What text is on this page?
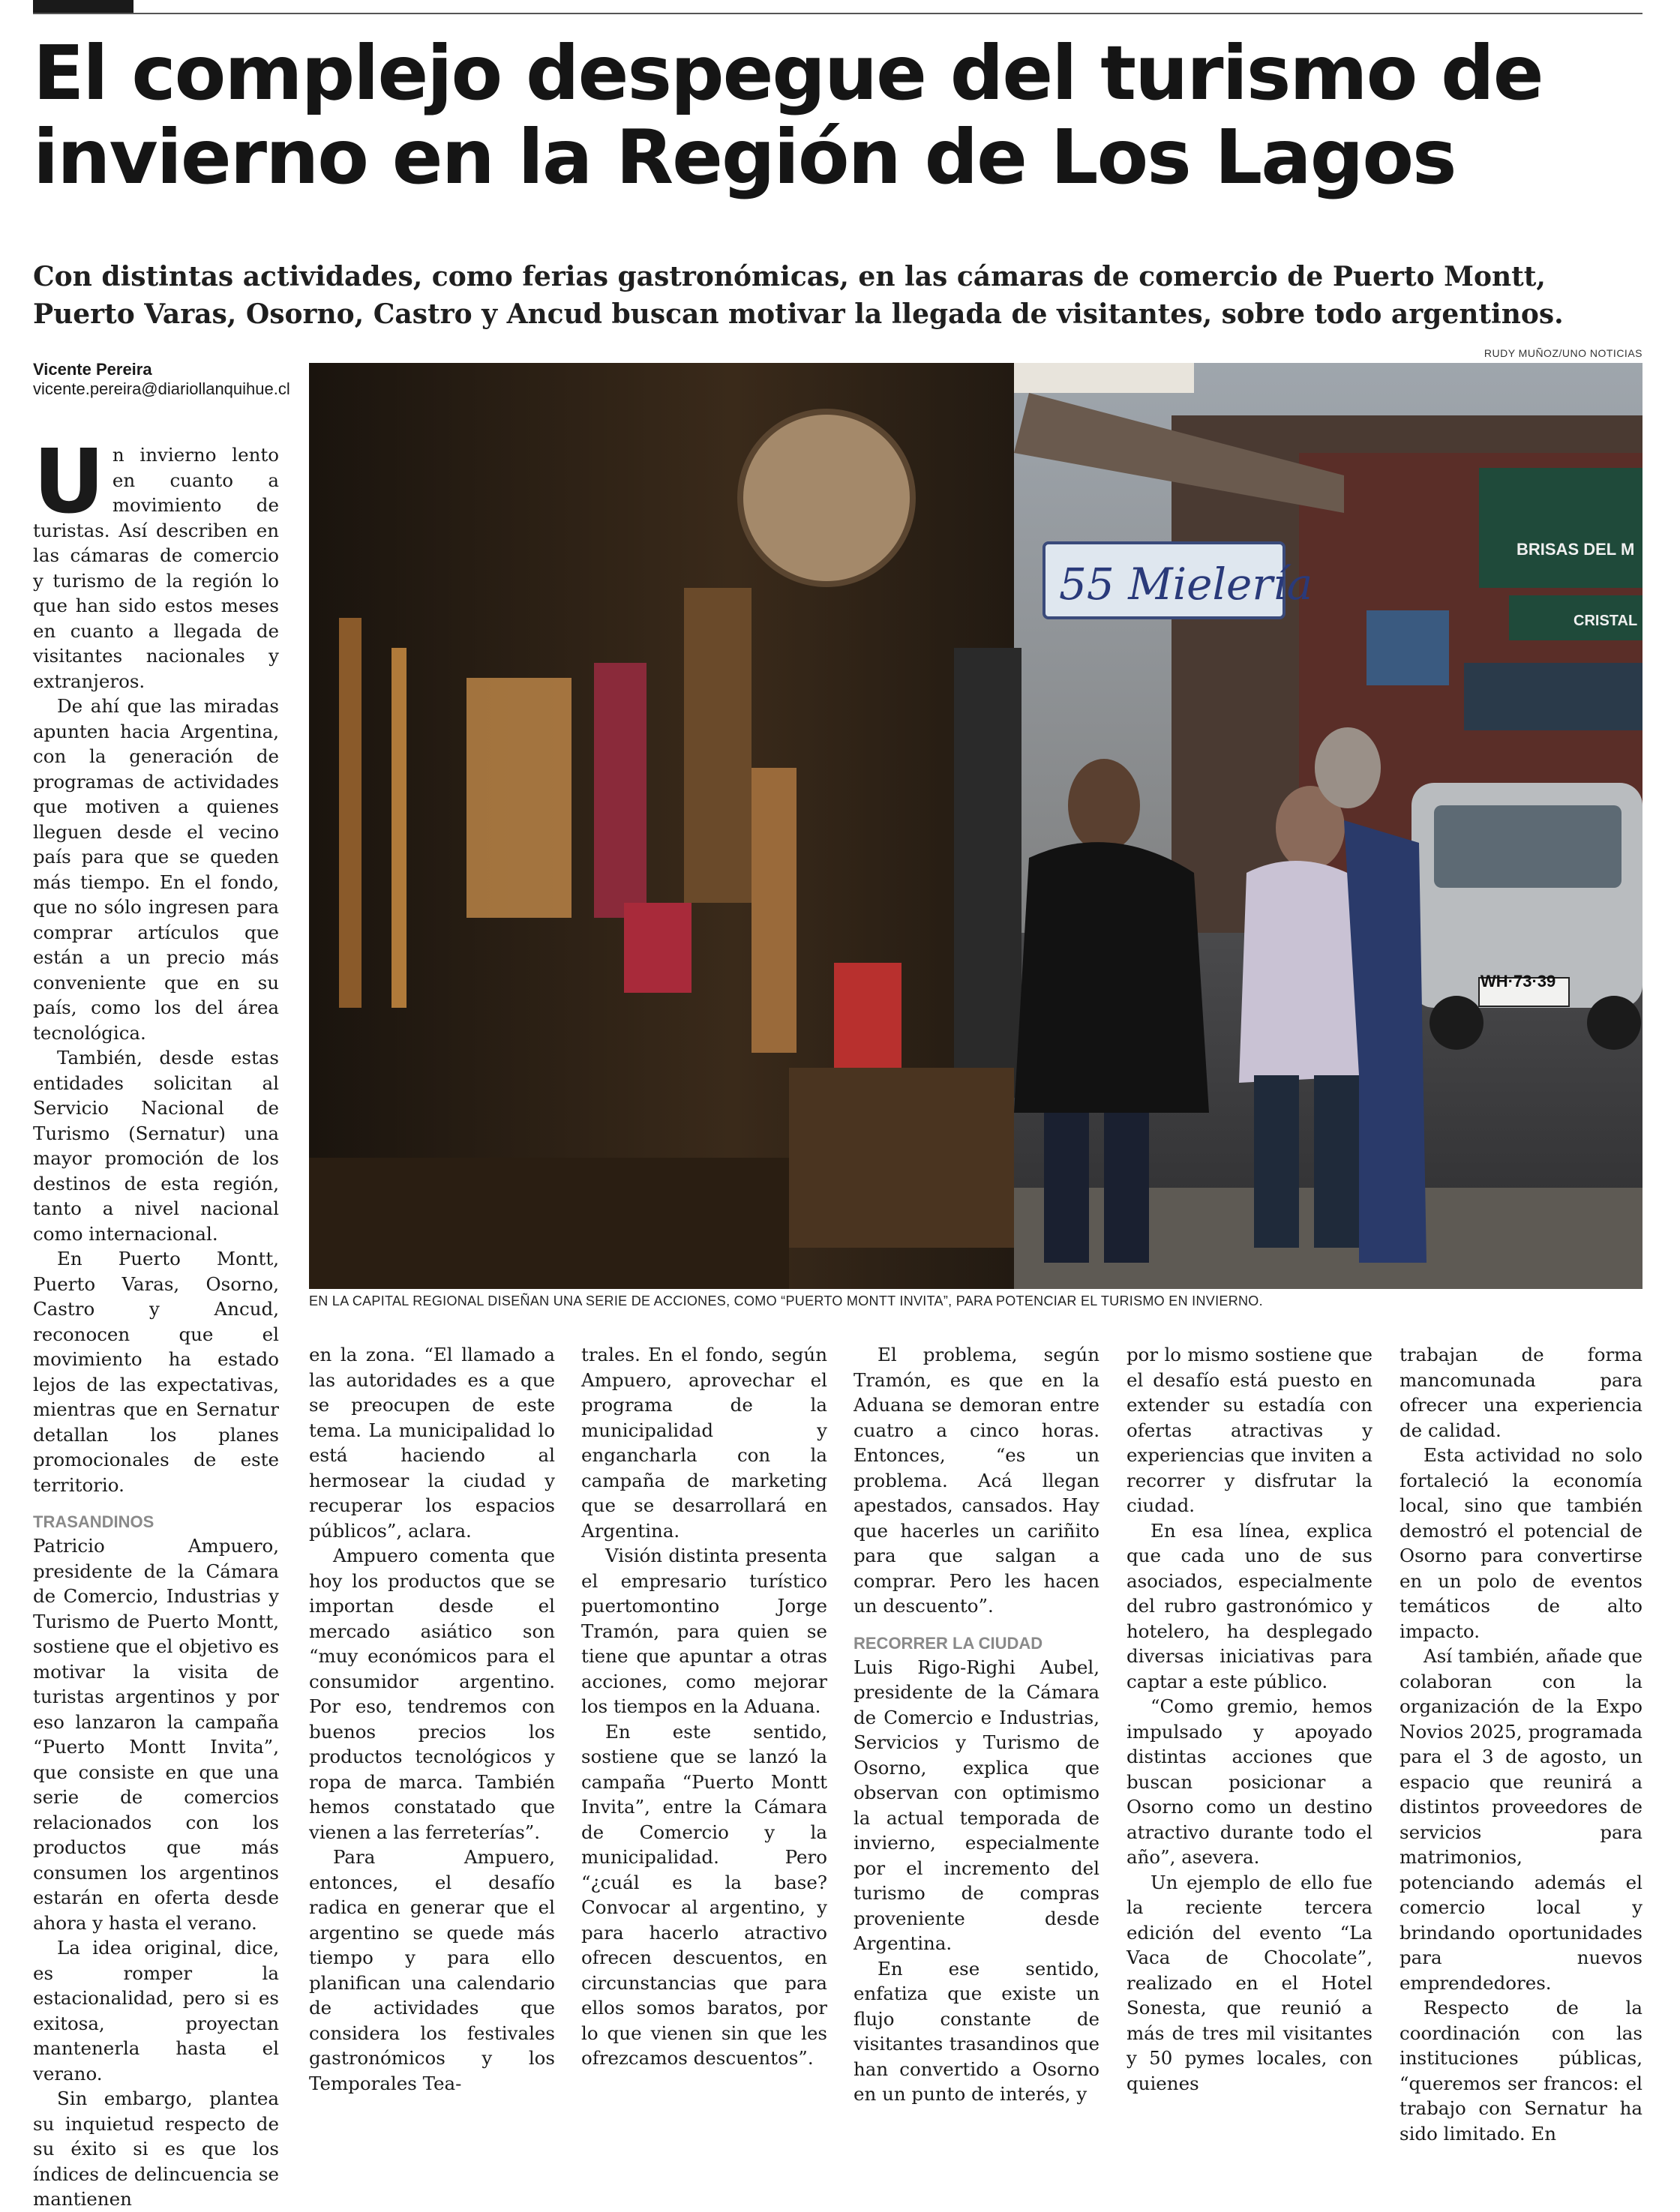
El complejo despegue del turismo de invierno en la Región de Los Lagos
Con distintas actividades, como ferias gastronómicas, en las cámaras de comercio de Puerto Montt, Puerto Varas, Osorno, Castro y Ancud buscan motivar la llegada de visitantes, sobre todo argentinos.
Vicente Pereira
vicente.pereira@diariollanquihue.cl
RUDY MUÑOZ/UNO NOTICIAS
55 Mielería
WH·73·39
BRISAS DEL M
CRISTAL
EN LA CAPITAL REGIONAL DISEÑAN UNA SERIE DE ACCIONES, COMO “PUERTO MONTT INVITA”, PARA POTENCIAR EL TURISMO EN INVIERNO.

Un invierno lento en cuanto a movimiento de turistas. Así describen en las cámaras de comercio y turismo de la región lo que han sido estos meses en cuanto a llegada de visitantes nacionales y extranjeros.

De ahí que las miradas apunten hacia Argentina, con la generación de programas de actividades que motiven a quienes lleguen desde el vecino país para que se queden más tiempo. En el fondo, que no sólo ingresen para comprar artículos que están a un precio más conveniente que en su país, como los del área tecnológica.

También, desde estas entidades solicitan al Servicio Nacional de Turismo (Sernatur) una mayor promoción de los destinos de esta región, tanto a nivel nacional como internacional.

En Puerto Montt, Puerto Varas, Osorno, Castro y Ancud, reconocen que el movimiento ha estado lejos de las expectativas, mientras que en Sernatur detallan los planes promocionales de este territorio.

TRASANDINOS

Patricio Ampuero, presidente de la Cámara de Comercio, Industrias y Turismo de Puerto Montt, sostiene que el objetivo es motivar la visita de turistas argentinos y por eso lanzaron la campaña “Puerto Montt Invita”, que consiste en que una serie de comercios relacionados con los productos que más consumen los argentinos estarán en oferta desde ahora y hasta el verano.

La idea original, dice, es romper la estacionalidad, pero si es exitosa, proyectan mantenerla hasta el verano.

Sin embargo, plantea su inquietud respecto de su éxito si es que los índices de delincuencia se mantienen

en la zona. “El llamado a las autoridades es a que se preocupen de este tema. La municipalidad lo está haciendo al hermosear la ciudad y recuperar los espacios públicos”, aclara.

Ampuero comenta que hoy los productos que se importan desde el mercado asiático son “muy económicos para el consumidor argentino. Por eso, tendremos con buenos precios los productos tecnológicos y ropa de marca. También hemos constatado que vienen a las ferreterías”.

Para Ampuero, entonces, el desafío radica en generar que el argentino se quede más tiempo y para ello planifican una calendario de actividades que considera los festivales gastronómicos y los Temporales Tea-

trales. En el fondo, según Ampuero, aprovechar el programa de la municipalidad y engancharla con la campaña de marketing que se desarrollará en Argentina.

Visión distinta presenta el empresario turístico puertomontino Jorge Tramón, para quien se tiene que apuntar a otras acciones, como mejorar los tiempos en la Aduana.

En este sentido, sostiene que se lanzó la campaña “Puerto Montt Invita”, entre la Cámara de Comercio y la municipalidad. Pero “¿cuál es la base? Convocar al argentino, y para hacerlo atractivo ofrecen descuentos, en circunstancias que para ellos somos baratos, por lo que vienen sin que les ofrezcamos descuentos”.

El problema, según Tramón, es que en la Aduana se demoran entre cuatro a cinco horas. Entonces, “es un problema. Acá llegan apestados, cansados. Hay que hacerles un cariñito para que salgan a comprar. Pero les hacen un descuento”.

RECORRER LA CIUDAD

Luis Rigo-Righi Aubel, presidente de la Cámara de Comercio e Industrias, Servicios y Turismo de Osorno, explica que observan con optimismo la actual temporada de invierno, especialmente por el incremento del turismo de compras proveniente desde Argentina.

En ese sentido, enfatiza que existe un flujo constante de visitantes trasandinos que han convertido a Osorno en un punto de interés, y

por lo mismo sostiene que el desafío está puesto en extender su estadía con ofertas atractivas y experiencias que inviten a recorrer y disfrutar la ciudad.

En esa línea, explica que cada uno de sus asociados, especialmente del rubro gastronómico y hotelero, ha desplegado diversas iniciativas para captar a este público.

“Como gremio, hemos impulsado y apoyado distintas acciones que buscan posicionar a Osorno como un destino atractivo durante todo el año”, asevera.

Un ejemplo de ello fue la reciente tercera edición del evento “La Vaca de Chocolate”, realizado en el Hotel Sonesta, que reunió a más de tres mil visitantes y 50 pymes locales, con quienes

trabajan de forma mancomunada para ofrecer una experiencia de calidad.

Esta actividad no solo fortaleció la economía local, sino que también demostró el potencial de Osorno para convertirse en un polo de eventos temáticos de alto impacto.

Así también, añade que colaboran con la organización de la Expo Novios 2025, programada para el 3 de agosto, un espacio que reunirá a distintos proveedores de servicios para matrimonios, potenciando además el comercio local y brindando oportunidades para nuevos emprendedores.

Respecto de la coordinación con las instituciones públicas, “queremos ser francos: el trabajo con Sernatur ha sido limitado. En
